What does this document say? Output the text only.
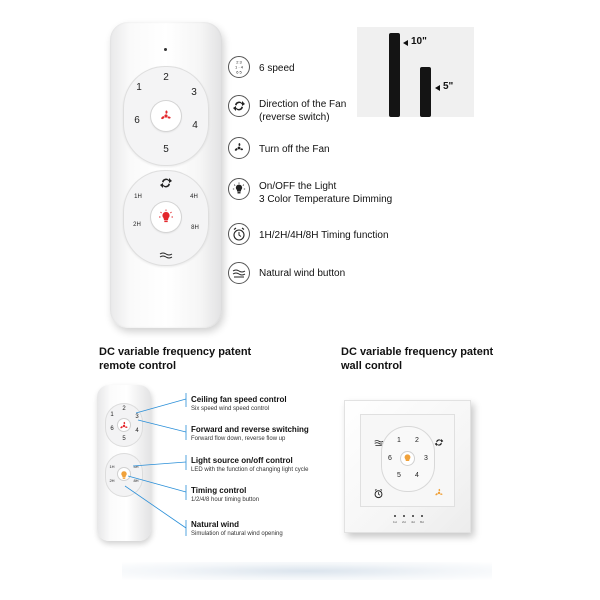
2
1	3
6	4
5
1H	4H
2H	8H
2 3
1 · 4
6 5 6 speed
Direction of the Fan
(reverse switch)
Turn off the Fan
On/OFF the Light
3 Color Temperature Dimming
1H/2H/4H/8H Timing function
Natural wind button
10"
5"
DC variable frequency patent
remote control
DC variable frequency patent
wall control
2
1	3
6	4
5
1H	4H
2H	8H
Ceiling fan speed control
Six speed wind speed control
Forward and reverse switching
Forward flow down, reverse flow up
Light source on/off control
LED with the function of changing light cycle
Timing control
1/2/4/8 hour timing button
Natural wind
Simulation of natural wind opening
1	2
6	3
5	4
1H 2H 4H 8H
